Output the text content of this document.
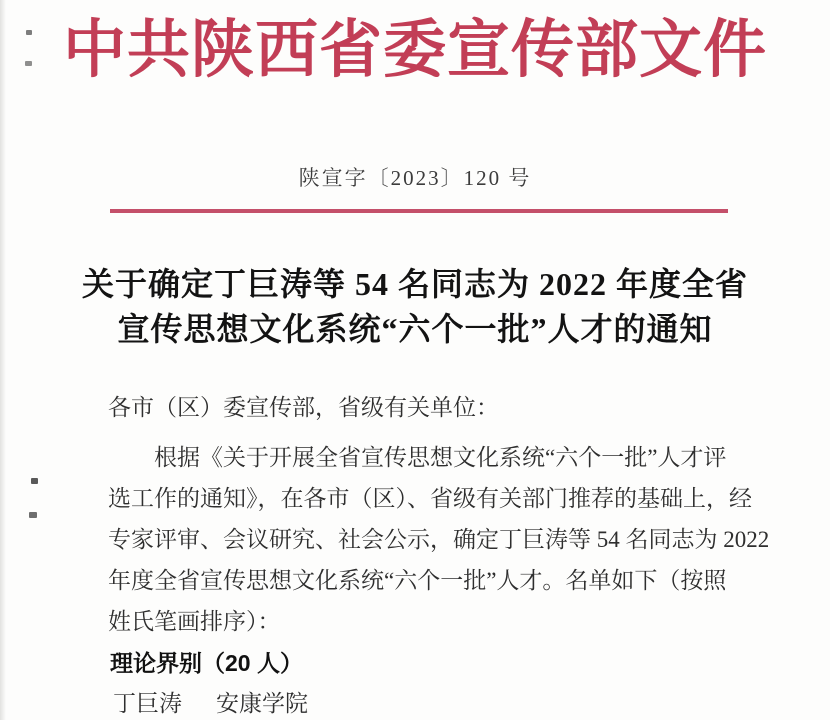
中共陕西省委宣传部文件
陕宣字〔2023〕120 号
关于确定丁巨涛等 54 名同志为 2022 年度全省
宣传思想文化系统“六个一批”人才的通知
各市（区）委宣传部，省级有关单位：
根据《关于开展全省宣传思想文化系统“六个一批”人才评
选工作的通知》，在各市（区）、省级有关部门推荐的基础上，经
专家评审、会议研究、社会公示，确定丁巨涛等 54 名同志为 2022
年度全省宣传思想文化系统“六个一批”人才。名单如下（按照
姓氏笔画排序）：
理论界别（20 人）
丁巨涛 安康学院
